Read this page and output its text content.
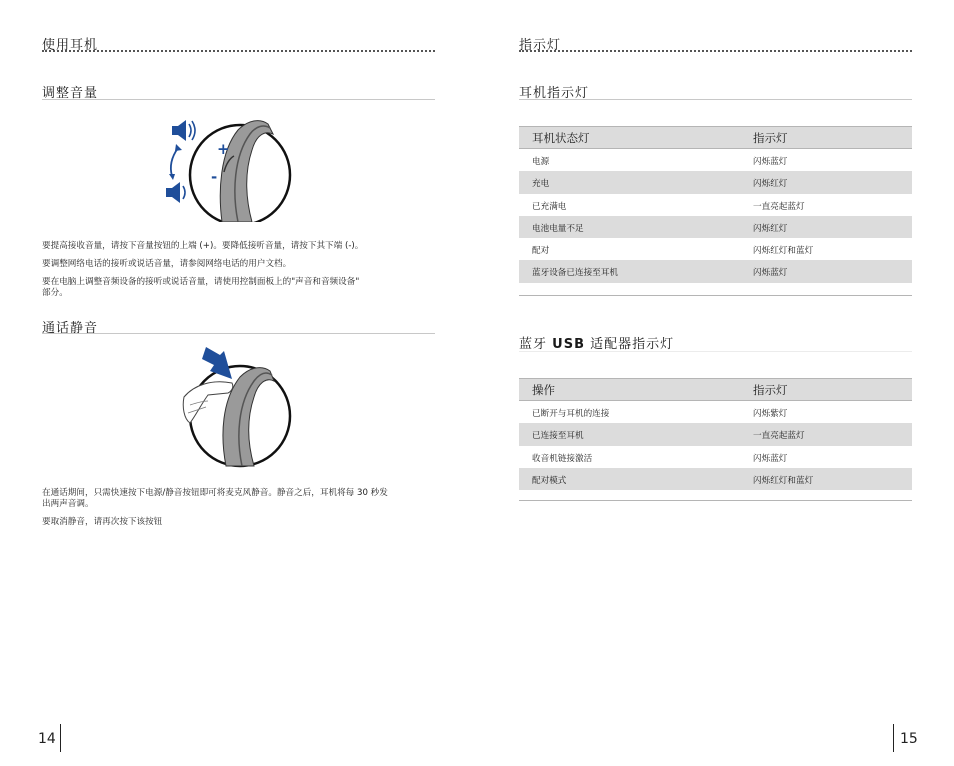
使用耳机
调整音量
+
-
要提高接收音量，请按下音量按钮的上端 (+)。要降低接听音量，请按下其下端 (-)。
要调整网络电话的接听或说话音量，请参阅网络电话的用户文档。
要在电脑上调整音频设备的接听或说话音量，请使用控制面板上的"声音和音频设备"
部分。
通话静音
在通话期间，只需快速按下电源/静音按钮即可将麦克风静音。静音之后，耳机将每 30 秒发
出两声音调。
要取消静音，请再次按下该按钮
14
指示灯
耳机指示灯
耳机状态灯	指示灯
电源	闪烁蓝灯
充电	闪烁红灯
已充满电	一直亮起蓝灯
电池电量不足	闪烁红灯
配对	闪烁红灯和蓝灯
蓝牙设备已连接至耳机	闪烁蓝灯
蓝牙 USB 适配器指示灯
操作	指示灯
已断开与耳机的连接	闪烁紫灯
已连接至耳机	一直亮起蓝灯
收音机链接激活	闪烁蓝灯
配对模式	闪烁红灯和蓝灯
15
